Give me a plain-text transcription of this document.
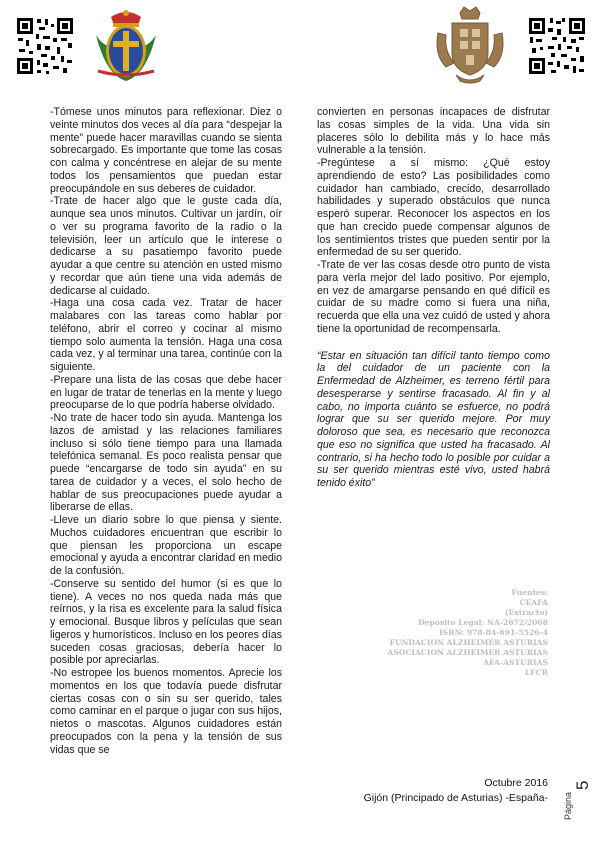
-Tómese unos minutos para reflexionar. Diez o veinte minutos dos veces al día para “despejar la mente” puede hacer maravillas cuando se sienta sobrecargado. Es importante que tome las cosas con calma y concéntrese en alejar de su mente todos los pensamientos que puedan estar preocupándole en sus deberes de cuidador.

-Trate de hacer algo que le guste cada día, aunque sea unos minutos. Cultivar un jardín, oír o ver su programa favorito de la radio o la televisión, leer un artículo que le interese o dedicarse a su pasatiempo favorito puede ayudar a que centre su atención en usted mismo y recordar que aún tiene una vida además de dedicarse al cuidado.

-Haga una cosa cada vez. Tratar de hacer malabares con las tareas como hablar por teléfono, abrir el correo y cocinar al mismo tiempo solo aumenta la tensión. Haga una cosa cada vez, y al terminar una tarea, continúe con la siguiente.

-Prepare una lista de las cosas que debe hacer en lugar de tratar de tenerlas en la mente y luego preocuparse de lo que podría haberse olvidado.

-No trate de hacer todo sin ayuda. Mantenga los lazos de amistad y las relaciones familiares incluso si sólo tiene tiempo para una llamada telefónica semanal. Es poco realista pensar que puede “encargarse de todo sin ayuda” en su tarea de cuidador y a veces, el solo hecho de hablar de sus preocupaciones puede ayudar a liberarse de ellas.

-Lleve un diario sobre lo que piensa y siente. Muchos cuidadores encuentran que escribir lo que piensan les proporciona un escape emocional y ayuda a encontrar claridad en medio de la confusión.

-Conserve su sentido del humor (si es que lo tiene). A veces no nos queda nada más que reírnos, y la risa es excelente para la salud física y emocional. Busque libros y películas que sean ligeros y humorísticos. Incluso en los peores días suceden cosas graciosas, debería hacer lo posible por apreciarlas.

-No estropee los buenos momentos. Aprecie los momentos en los que todavía puede disfrutar ciertas cosas con o sin su ser querido, tales como caminar en el parque o jugar con sus hijos, nietos o mascotas. Algunos cuidadores están preocupados con la pena y la tensión de sus vidas que se

convierten en personas incapaces de disfrutar las cosas simples de la vida. Una vida sin placeres sólo lo debilita más y lo hace más vulnerable a la tensión.

-Pregúntese a sí mismo: ¿Qué estoy aprendiendo de esto? Las posibilidades como cuidador han cambiado, crecido, desarrollado habilidades y superado obstáculos que nunca esperó superar. Reconocer los aspectos en los que han crecido puede compensar algunos de los sentimientos tristes que pueden sentir por la enfermedad de su ser querido.

-Trate de ver las cosas desde otro punto de vista para verla mejor del lado positivo. Por ejemplo, en vez de amargarse pensando en qué difícil es cuidar de su madre como si fuera una niña, recuerda que ella una vez cuidó de usted y ahora tiene la oportunidad de recompensarla.

“Estar en situación tan difícil tanto tiempo como la del cuidador de un paciente con la Enfermedad de Alzheimer, es terreno fértil para desesperarse y sentirse fracasado. Al fin y al cabo, no importa cuánto se esfuerce, no podrá lograr que su ser querido mejore. Por muy doloroso que sea, es necesario que reconozca que eso no significa que usted ha fracasado. Al contrario, si ha hecho todo lo posible por cuidar a su ser querido mientras esté vivo, usted habrá tenido éxito”

Fuentes:
CEAFA
(Extracto)
Depósito Legal: NA-2672/2008
ISBN: 978-84-691-5526-4
FUNDACION ALZHEIMER ASTURIAS
ASOCIACION ALZHEIMER ASTURIAS
AFA-ASTURIAS
LFCR
Octubre 2016
Gijón (Principado de Asturias) -España- Página
5
